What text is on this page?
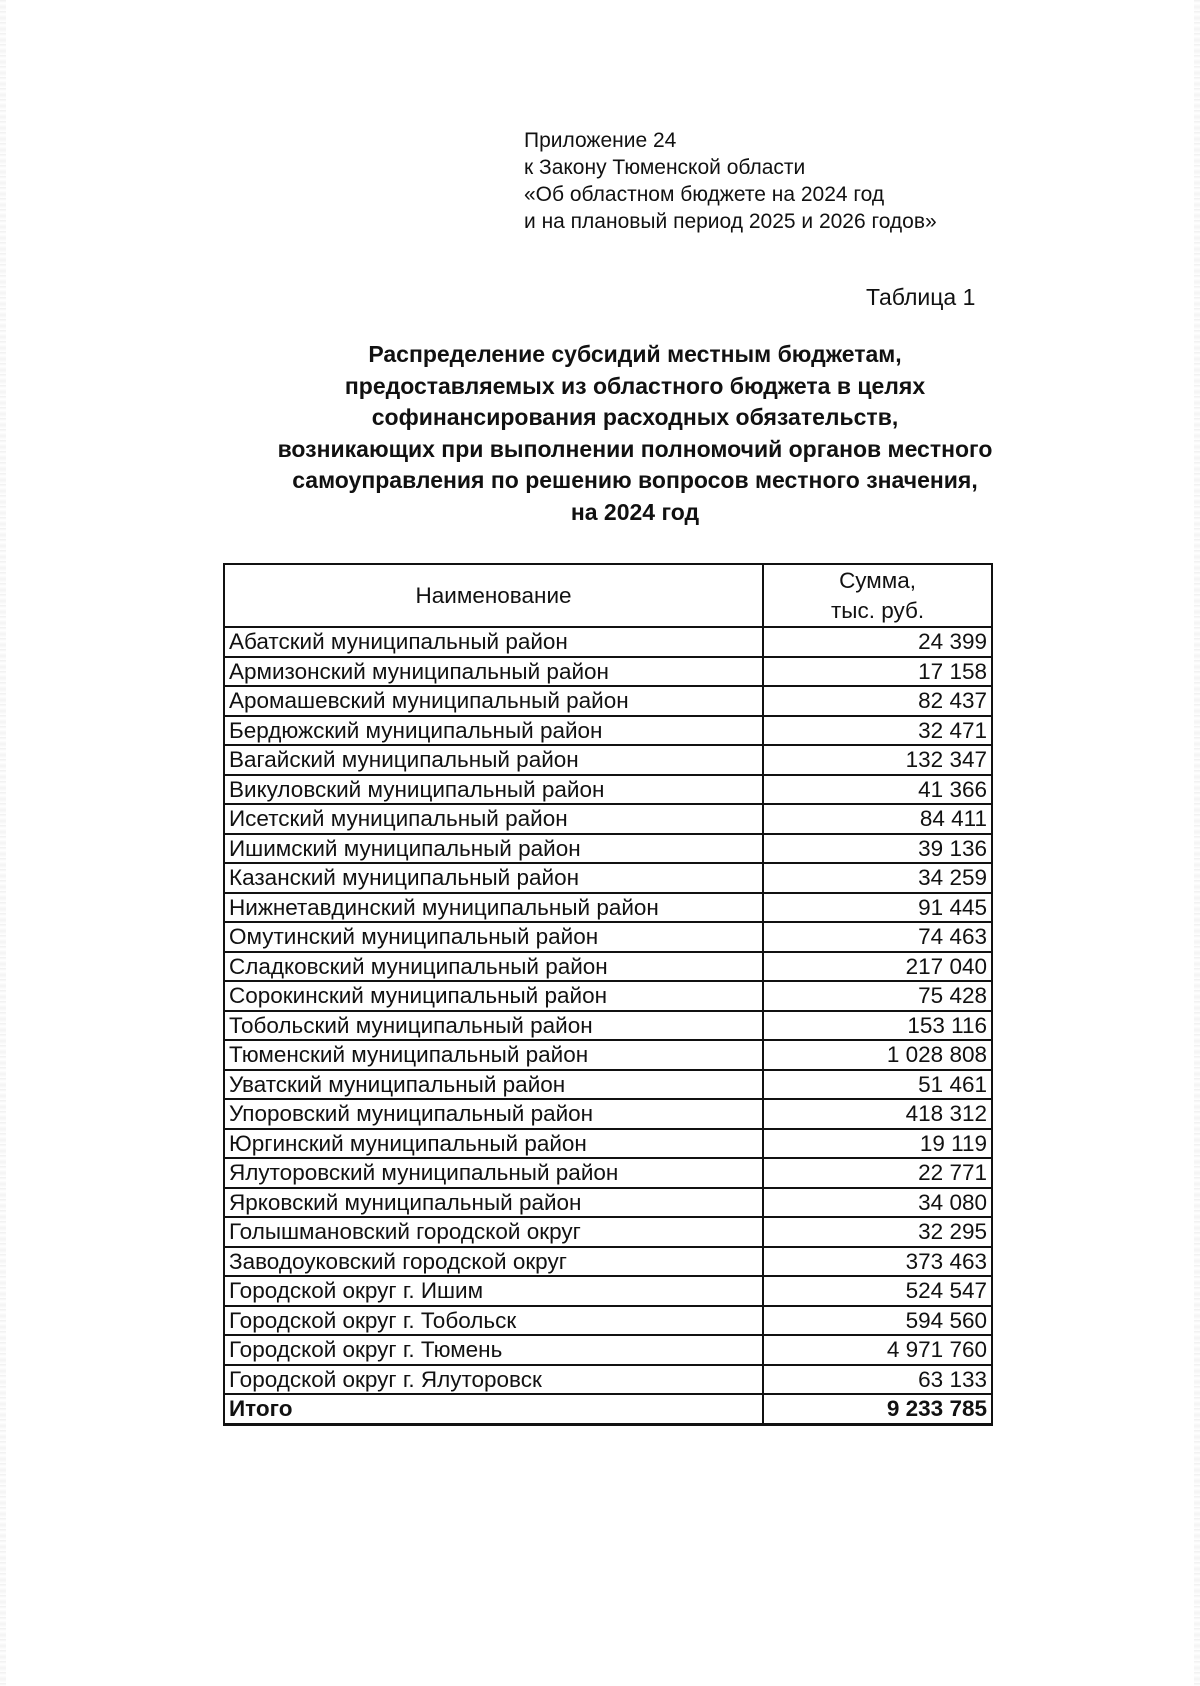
Приложение 24
к Закону Тюменской области
«Об областном бюджете на 2024 год
и на плановый период 2025 и 2026 годов»
Таблица 1
Распределение субсидий местным бюджетам,
предоставляемых из областного бюджета в целях
софинансирования расходных обязательств,
возникающих при выполнении полномочий органов местного
самоуправления по решению вопросов местного значения,
на 2024 год
Наименование	Сумма,
тыс. руб.

Абатский муниципальный район	24 399
Армизонский муниципальный район	17 158
Аромашевский муниципальный район	82 437
Бердюжский муниципальный район	32 471
Вагайский муниципальный район	132 347
Викуловский муниципальный район	41 366
Исетский муниципальный район	84 411
Ишимский муниципальный район	39 136
Казанский муниципальный район	34 259
Нижнетавдинский муниципальный район	91 445
Омутинский муниципальный район	74 463
Сладковский муниципальный район	217 040
Сорокинский муниципальный район	75 428
Тобольский муниципальный район	153 116
Тюменский муниципальный район	1 028 808
Уватский муниципальный район	51 461
Упоровский муниципальный район	418 312
Юргинский муниципальный район	19 119
Ялуторовский муниципальный район	22 771
Ярковский муниципальный район	34 080
Голышмановский городской округ	32 295
Заводоуковский городской округ	373 463
Городской округ г. Ишим	524 547
Городской округ г. Тобольск	594 560
Городской округ г. Тюмень	4 971 760
Городской округ г. Ялуторовск	63 133
Итого	9 233 785
